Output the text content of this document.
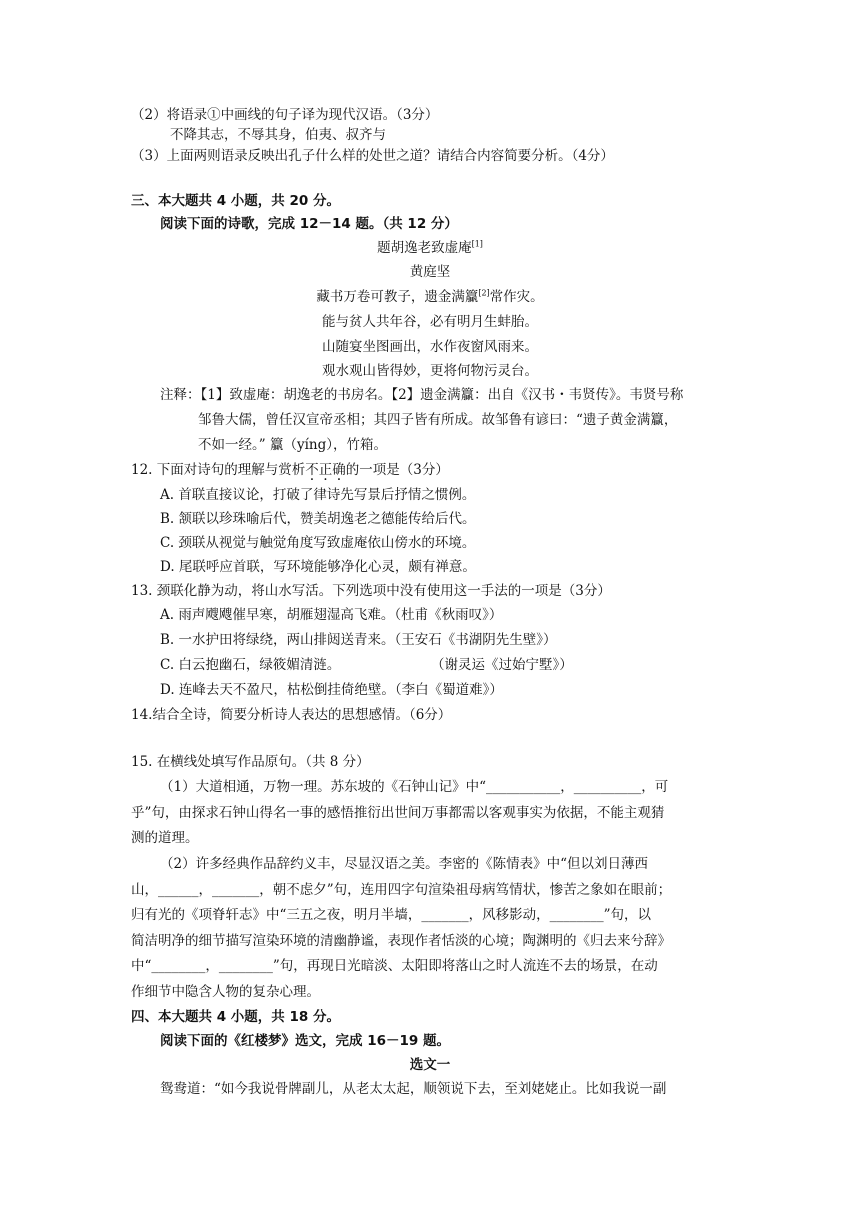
（2）将语录①中画线的句子译为现代汉语。（3分）
不降其志，不辱其身，伯夷、叔齐与
（3）上面两则语录反映出孔子什么样的处世之道？请结合内容简要分析。（4分）
三、本大题共 4 小题，共 20 分。
阅读下面的诗歌，完成 12－14 题。（共 12 分）
题胡逸老致虚庵[1]
黄庭坚
藏书万卷可教子，遗金满籯[2]常作灾。
能与贫人共年谷，必有明月生蚌胎。
山随宴坐图画出，水作夜窗风雨来。
观水观山皆得妙，更将何物污灵台。
注释：【1】致虚庵：胡逸老的书房名。【2】遗金满籯：出自《汉书・韦贤传》。韦贤号称
邹鲁大儒，曾任汉宣帝丞相；其四子皆有所成。故邹鲁有谚曰：“遗子黄金满籯，
不如一经。” 籯（yíng），竹箱。
12. 下面对诗句的理解与赏析不正确的一项是（3分）
A. 首联直接议论，打破了律诗先写景后抒情之惯例。
B. 颔联以珍珠喻后代，赞美胡逸老之德能传给后代。
C. 颈联从视觉与触觉角度写致虚庵依山傍水的环境。
D. 尾联呼应首联，写环境能够净化心灵，颇有禅意。
13. 颈联化静为动，将山水写活。下列选项中没有使用这一手法的一项是（3分）
A. 雨声飕飕催早寒，胡雁翅湿高飞难。（杜甫《秋雨叹》）
B. 一水护田将绿绕，两山排闼送青来。（王安石《书湖阴先生壁》）
C. 白云抱幽石，绿筱媚清涟。	（谢灵运《过始宁墅》）
D. 连峰去天不盈尺，枯松倒挂倚绝壁。（李白《蜀道难》）
14.结合全诗，简要分析诗人表达的思想感情。（6分）
15. 在横线处填写作品原句。（共 8 分）
（1）大道相通，万物一理。苏东坡的《石钟山记》中“___________，__________，可
乎”句，由探求石钟山得名一事的感悟推衍出世间万事都需以客观事实为依据，不能主观猜
测的道理。
（2）许多经典作品辞约义丰，尽显汉语之美。李密的《陈情表》中“但以刘日薄西
山，______，_______，朝不虑夕”句，连用四字句渲染祖母病笃情状，惨苦之象如在眼前；
归有光的《项脊轩志》中“三五之夜，明月半墙，_______，风移影动，________”句，以
简洁明净的细节描写渲染环境的清幽静谧，表现作者恬淡的心境；陶渊明的《归去来兮辞》
中“________，________”句，再现日光暗淡、太阳即将落山之时人流连不去的场景，在动
作细节中隐含人物的复杂心理。
四、本大题共 4 小题，共 18 分。
阅读下面的《红楼梦》选文，完成 16－19 题。
选文一
鸳鸯道：“如今我说骨牌副儿，从老太太起，顺领说下去，至刘姥姥止。比如我说一副
